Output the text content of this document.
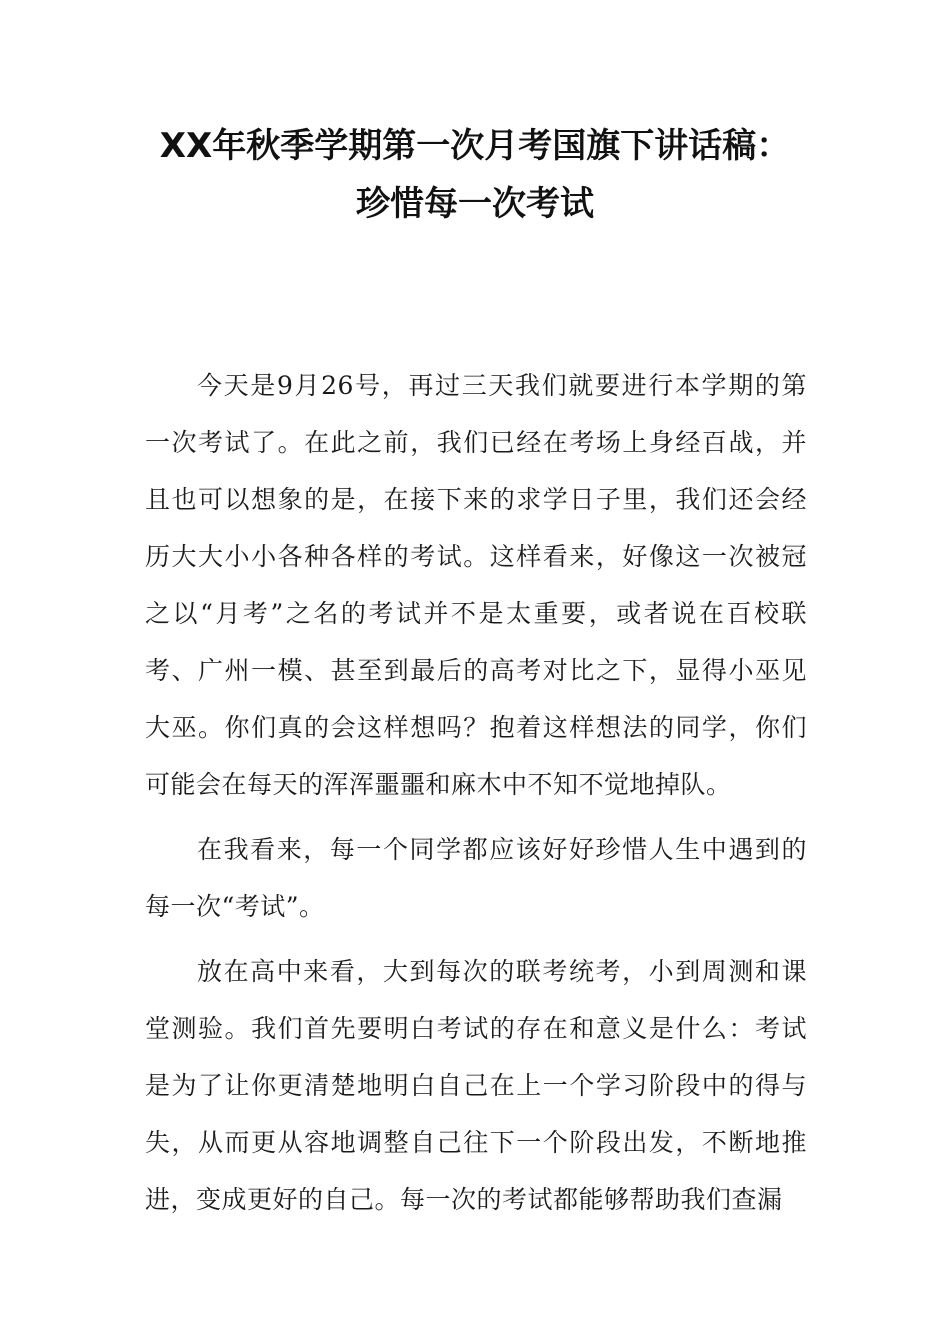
XX年秋季学期第一次月考国旗下讲话稿：
珍惜每一次考试

今天是9月26号，再过三天我们就要进行本学期的第一次考试了。在此之前，我们已经在考场上身经百战，并且也可以想象的是，在接下来的求学日子里，我们还会经历大大小小各种各样的考试。这样看来，好像这一次被冠之以“月考”之名的考试并不是太重要，或者说在百校联考、广州一模、甚至到最后的高考对比之下，显得小巫见大巫。你们真的会这样想吗？抱着这样想法的同学，你们可能会在每天的浑浑噩噩和麻木中不知不觉地掉队。

在我看来，每一个同学都应该好好珍惜人生中遇到的每一次“考试”。

放在高中来看，大到每次的联考统考，小到周测和课堂测验。我们首先要明白考试的存在和意义是什么：考试是为了让你更清楚地明白自己在上一个学习阶段中的得与失，从而更从容地调整自己往下一个阶段出发，不断地推进，变成更好的自己。每一次的考试都能够帮助我们查漏
